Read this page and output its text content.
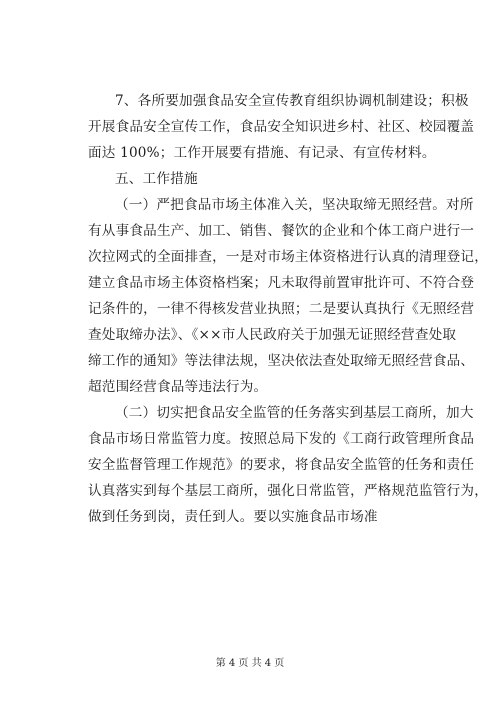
7、各所要加强食品安全宣传教育组织协调机制建设；积极
开展食品安全宣传工作，食品安全知识进乡村、社区、校园覆盖
面达 100%；工作开展要有措施、有记录、有宣传材料。
五、工作措施
（一）严把食品市场主体准入关，坚决取缔无照经营。对所
有从事食品生产、加工、销售、餐饮的企业和个体工商户进行一
次拉网式的全面排查，一是对市场主体资格进行认真的清理登记，
建立食品市场主体资格档案；凡未取得前置审批许可、不符合登
记条件的，一律不得核发营业执照；二是要认真执行《无照经营
查处取缔办法》、《××市人民政府关于加强无证照经营查处取
缔工作的通知》等法律法规，坚决依法查处取缔无照经营食品、
超范围经营食品等违法行为。
（二）切实把食品安全监管的任务落实到基层工商所，加大
食品市场日常监管力度。按照总局下发的《工商行政管理所食品
安全监督管理工作规范》的要求，将食品安全监管的任务和责任
认真落实到每个基层工商所，强化日常监管，严格规范监管行为，
做到任务到岗，责任到人。要以实施食品市场准
第 4 页 共 4 页
